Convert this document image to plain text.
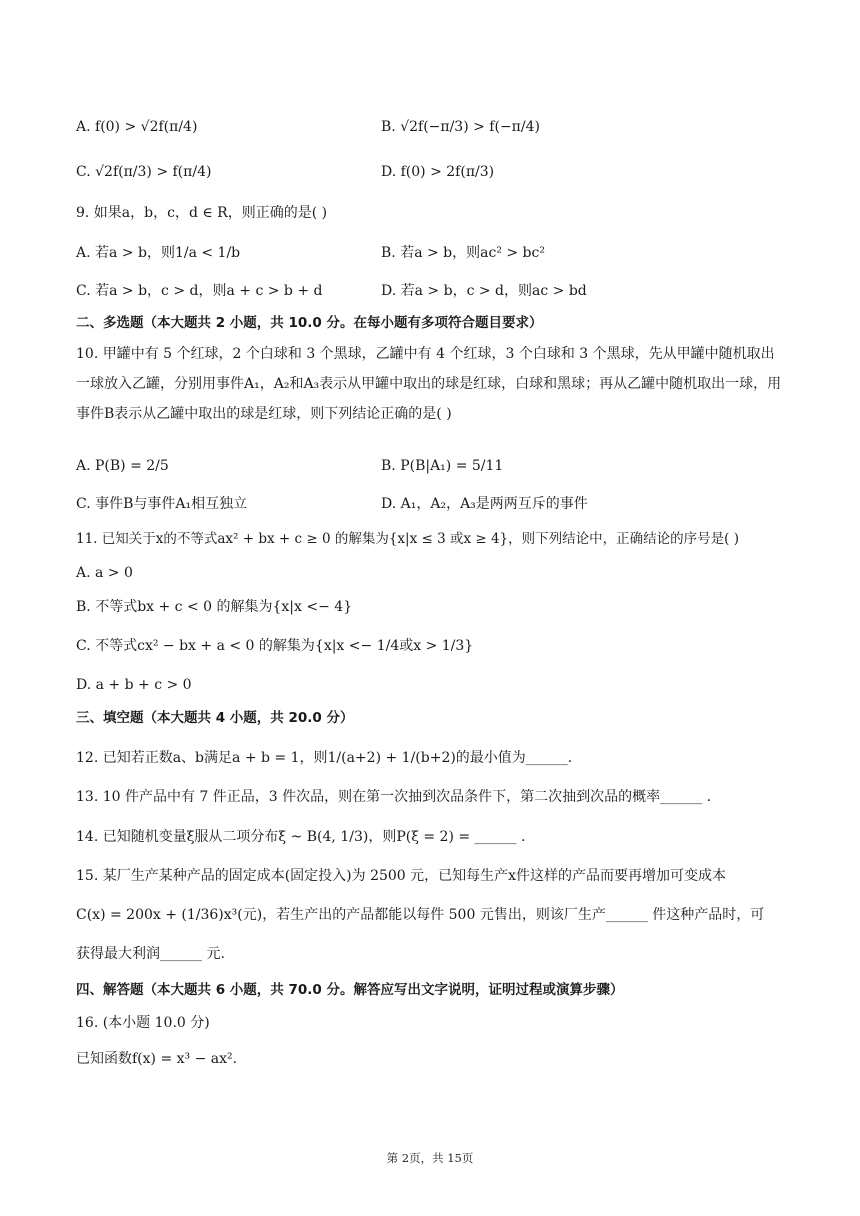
A. f(0) > √2f(π/4)	B. √2f(−π/3) > f(−π/4)
C. √2f(π/3) > f(π/4)	D. f(0) > 2f(π/3)
9. 如果a，b，c，d ∈ R，则正确的是( )
A. 若a > b，则1/a < 1/b	B. 若a > b，则ac² > bc²
C. 若a > b，c > d，则a + c > b + d	D. 若a > b，c > d，则ac > bd
二、多选题（本大题共 2 小题，共 10.0 分。在每小题有多项符合题目要求）
10. 甲罐中有 5 个红球，2 个白球和 3 个黑球，乙罐中有 4 个红球，3 个白球和 3 个黑球，先从甲罐中随机取出一球放入乙罐，分别用事件A₁，A₂和A₃表示从甲罐中取出的球是红球，白球和黑球；再从乙罐中随机取出一球，用事件B表示从乙罐中取出的球是红球，则下列结论正确的是( )
A. P(B) = 2/5	B. P(B|A₁) = 5/11
C. 事件B与事件A₁相互独立	D. A₁，A₂，A₃是两两互斥的事件
11. 已知关于x的不等式ax² + bx + c ≥ 0 的解集为{x|x ≤ 3 或x ≥ 4}，则下列结论中，正确结论的序号是( )
A. a > 0
B. 不等式bx + c < 0 的解集为{x|x <− 4}
C. 不等式cx² − bx + a < 0 的解集为{x|x <− 1/4或x > 1/3}
D. a + b + c > 0
三、填空题（本大题共 4 小题，共 20.0 分）
12. 已知若正数a、b满足a + b = 1，则1/(a+2) + 1/(b+2)的最小值为______.
13. 10 件产品中有 7 件正品，3 件次品，则在第一次抽到次品条件下，第二次抽到次品的概率______ .
14. 已知随机变量ξ服从二项分布ξ ~ B(4, 1/3)，则P(ξ = 2) = ______ .
15. 某厂生产某种产品的固定成本(固定投入)为 2500 元，已知每生产x件这样的产品而要再增加可变成本
C(x) = 200x + (1/36)x³(元)，若生产出的产品都能以每件 500 元售出，则该厂生产______ 件这种产品时，可
获得最大利润______ 元.
四、解答题（本大题共 6 小题，共 70.0 分。解答应写出文字说明，证明过程或演算步骤）
16. (本小题 10.0 分)
已知函数f(x) = x³ − ax².
第 2页，共 15页
